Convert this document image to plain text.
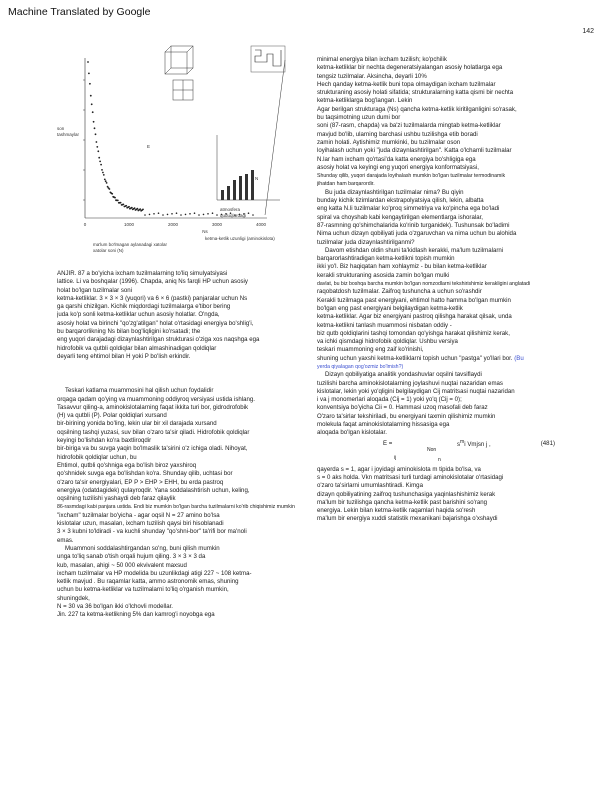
Machine Translated by Google
142
0	1000	2000	3000	4000
Ns
son
tashmaylar
atmosfera
quduqlardagi
E
N
ma'lum bo'lmagan aylanadagi xatolar
xatolar soni (N)
ketma-ketlik uzunligi (aminokislota)
ANJIR. 87 a bo'yicha ixcham tuzilmalarning to'liq simulyatsiyasi
lattice. Li va boshqalar (1996). Chapda, aniq Ns farqli HP uchun asosiy
holat bo'lgan tuzilmalar soni
ketma-ketliklar. 3 × 3 × 3 (yuqori) va 6 × 6 (pastki) panjaralar uchun Ns
ga qarshi chizilgan. Kichik miqdordagi tuzilmalarga e'tibor bering
juda ko'p sonli ketma-ketliklar uchun asosiy holatlar. O'ngda,
asosiy holat va birinchi "qo'zg'atilgan" holat o'rtasidagi energiya bo'shlig'i,
bu barqarorlikning Ns bilan bog'liqligini ko'rsatadi; the
eng yuqori darajadagi dizaynlashtirilgan strukturasi o'ziga xos naqshga ega
hidrofobik va qutbli qoldiqlar bilan almashinadigan qoldiqlar
deyarli teng ehtimol bilan H yoki P bo'lish erkindir.
Teskari katlama muammosini hal qilish uchun foydalidir
orqaga qadam qo'ying va muammoning oddiyroq versiyasi ustida ishlang.
Tasavvur qiling-a, aminokislotalarning faqat ikkita turi bor, gidrodrofobik
(H) va qutbli (P). Polar qoldiqlari xursand
bir-birining yonida bo'ling, lekin ular bir xil darajada xursand
oqsilning tashqi yuzasi, suv bilan o'zaro ta'sir qiladi. Hidrofobik qoldiqlar
keyingi bo'lishdan ko'ra baxtliroqdir
bir-biriga va bu suvga yaqin bo'lmaslik ta'sirini o'z ichiga oladi. Nihoyat,
hidrofobik qoldiqlar uchun, bu
Ehtimol, qutbli qo'shniga ega bo'lish biroz yaxshiroq
qo'shnidek suvga ega bo'lishdan ko'ra. Shunday qilib, uchtasi bor
o'zaro ta'sir energiyalari, EP P > EHP > EHH, bu erda pastroq
energiya (odatdagidek) qulayroqdir. Yana soddalashtirish uchun, keling,
oqsilning tuzilishi yashaydi deb faraz qilaylik
86-rasmdagi kabi panjara ustida. Endi biz mumkin bo'lgan barcha tuzilmalarni ko'rib chiqishimiz mumkin
"ixcham" tuzilmalar bo'yicha - agar oqsil N = 27 amino bo'lsa
kislotalar uzun, masalan, ixcham tuzilish qaysi biri hisoblanadi
3 × 3 kubni to'ldiradi - va kuchli shunday "qo'shni-bor" ta'rifi bor ma'noli
emas.
Muammoni soddalashtirgandan so'ng, buni qilish mumkin
unga to'liq sanab o'tish orqali hujum qiling. 3 × 3 × 3 da
kub, masalan, ahigi ~ 50 000 ekvivalent maxsud
ixcham tuzilmalar va HP modelida bu uzunlikdagi atigi 227 ~ 108 ketma-
ketlik mavjud . Bu raqamlar katta, ammo astronomik emas, shuning
uchun bu ketma-ketliklar va tuzilmalarni to'liq o'rganish mumkin,
shuningdek,
N = 30 va 36 bo'lgan ikki o'lchovli modellar.
Jin. 227 ta ketma-ketlikning 5% dan kamrog'i noyobga ega
minimal energiya bilan ixcham tuzilish; ko'pchilik
ketma-ketliklar bir nechta degeneratsiyalangan asosiy holatlarga ega
tengsiz tuzilmalar. Aksincha, deyarli 10%
Hech qanday ketma-ketlik buni topa olmaydigan ixcham tuzilmalar
strukturaning asosiy holati sifatida; strukturalarning katta qismi bir nechta
ketma-ketliklarga bog'langan. Lekin
Agar berilgan strukturaga (Ns) qancha ketma-ketlik kiritilganligini so'rasak,
bu taqsimotning uzun dumi bor
soni (87-rasm, chapda) va ba'zi tuzilmalarda mingtab ketma-ketliklar
mavjud bo'lib, ularning barchasi ushbu tuzilishga etib boradi
zamin holati. Aytishimiz mumkinki, bu tuzilmalar oson
loyihalash uchun yoki "juda dizaynlashtirilgan". Katta o'lchamli tuzilmalar
N.lar ham ixcham qo'rtasi'da katta energiya bo'shligiga ega
asosiy holat va keyingi eng yuqori energiya konformatsiyasi,
Shunday qilib, yuqori darajada loyihalash mumkin bo'lgan tuzilmalar termodinamik
jihatdan ham barqarordir.
Bu juda dizaynlashtirilgan tuzilmalar nima? Bu qiyin
bunday kichik tizimlardan ekstrapolyatsiya qilish, lekin, albatta
eng katta N.li tuzilmalar ko'proq simmetriya va ko'pincha ega bo'ladi
spiral va choyshab kabi kengaytirilgan elementlarga ishoralar,
87-rasmning qo'shimchalarida ko'rinib turganidek). Tushunsak bo'ladimi
Nima uchun dizayn qobiliyati juda o'zgaruvchan va nima uchun bu alohida
tuzilmalar juda dizaynlashtirilganmi?
Davom etishdan oldin shuni ta'kidlash kerakki, ma'lum tuzilmalarni
barqarorlashtiradigan ketma-ketlikni topish mumkin
ikki yo'l. Biz haqiqatan ham xohlaymiz - bu bilan ketma-ketliklar
kerakli strukturaning asosida zamin bo'lgan mulki
davlat, bu biz boshqa barcha mumkin bo'lgan nomzodlarni tekshirishimiz kerakligini anglatadi
raqobatdosh tuzilmalar. Zaifroq tushuncha a uchun so'rashdir
Kerakli tuzilmaga past energiyani, ehtimol hatto hamma bo'lgan mumkin
bo'lgan eng past energiyani belgilaydigan ketma-ketlik
ketma-ketliklar. Agar biz energiyani pastroq qilishga harakat qilsak, unda
ketma-ketlikni tanlash muammosi nisbatan oddiy -
biz qutb qoldiqlarini tashqi tomondan qo'yishga harakat qilishimiz kerak,
va ichki qismdagi hidrofobik qoldiqlar. Ushbu versiya
teskari muammoning eng zaif ko'rinishi,
shuning uchun yaxshi ketma-ketliklarni topish uchun "pastga" yo'llari bor. (Bu
yerda qiyalagan qog'ozmiz bo'lmish?)
Dizayn qobiliyatiga analitik yondashuvlar oqsilni tavsiflaydi
tuzilishi barcha aminokislotalarning joylashuvi nuqtai nazaridan emas
kislotalar, lekin yoki yo'qligini belgilaydigan Cij matritsasi nuqtai nazaridan
i va j monomerlari aloqada (Cij = 1) yoki yo'q (Cij = 0);
konventsiya bo'yicha Cii = 0. Hammasi uzoq masofali deb faraz
O'zaro ta'sirlar tekshiriladi, bu energiyani taxmin qilishimiz mumkin
molekula faqat aminokislotalarning hissasiga ega
aloqada bo'lgan kislotalar.
E =
Non
$s^mi$ Vmjsn j ,
ij	n
(481)
qayerda s = 1, agar i joyidagi aminokislota m tipida bo'lsa, va
s = 0 aks holda. Vkn matritsasi turli turdagi aminokislotalar o'rtasidagi
o'zaro ta'sirlarni umumlashtiradi. Kimga
dizayn qobiliyatining zaifroq tushunchasiga yaqinlashishimiz kerak
ma'lum bir tuzilishga qancha ketma-ketlik past barishini so'rang
energiya. Lekin bilan ketma-ketlik raqamlari haqida so'resh
ma'lum bir energiya xuddi statistik mexanikani bajarishga o'xshaydi
